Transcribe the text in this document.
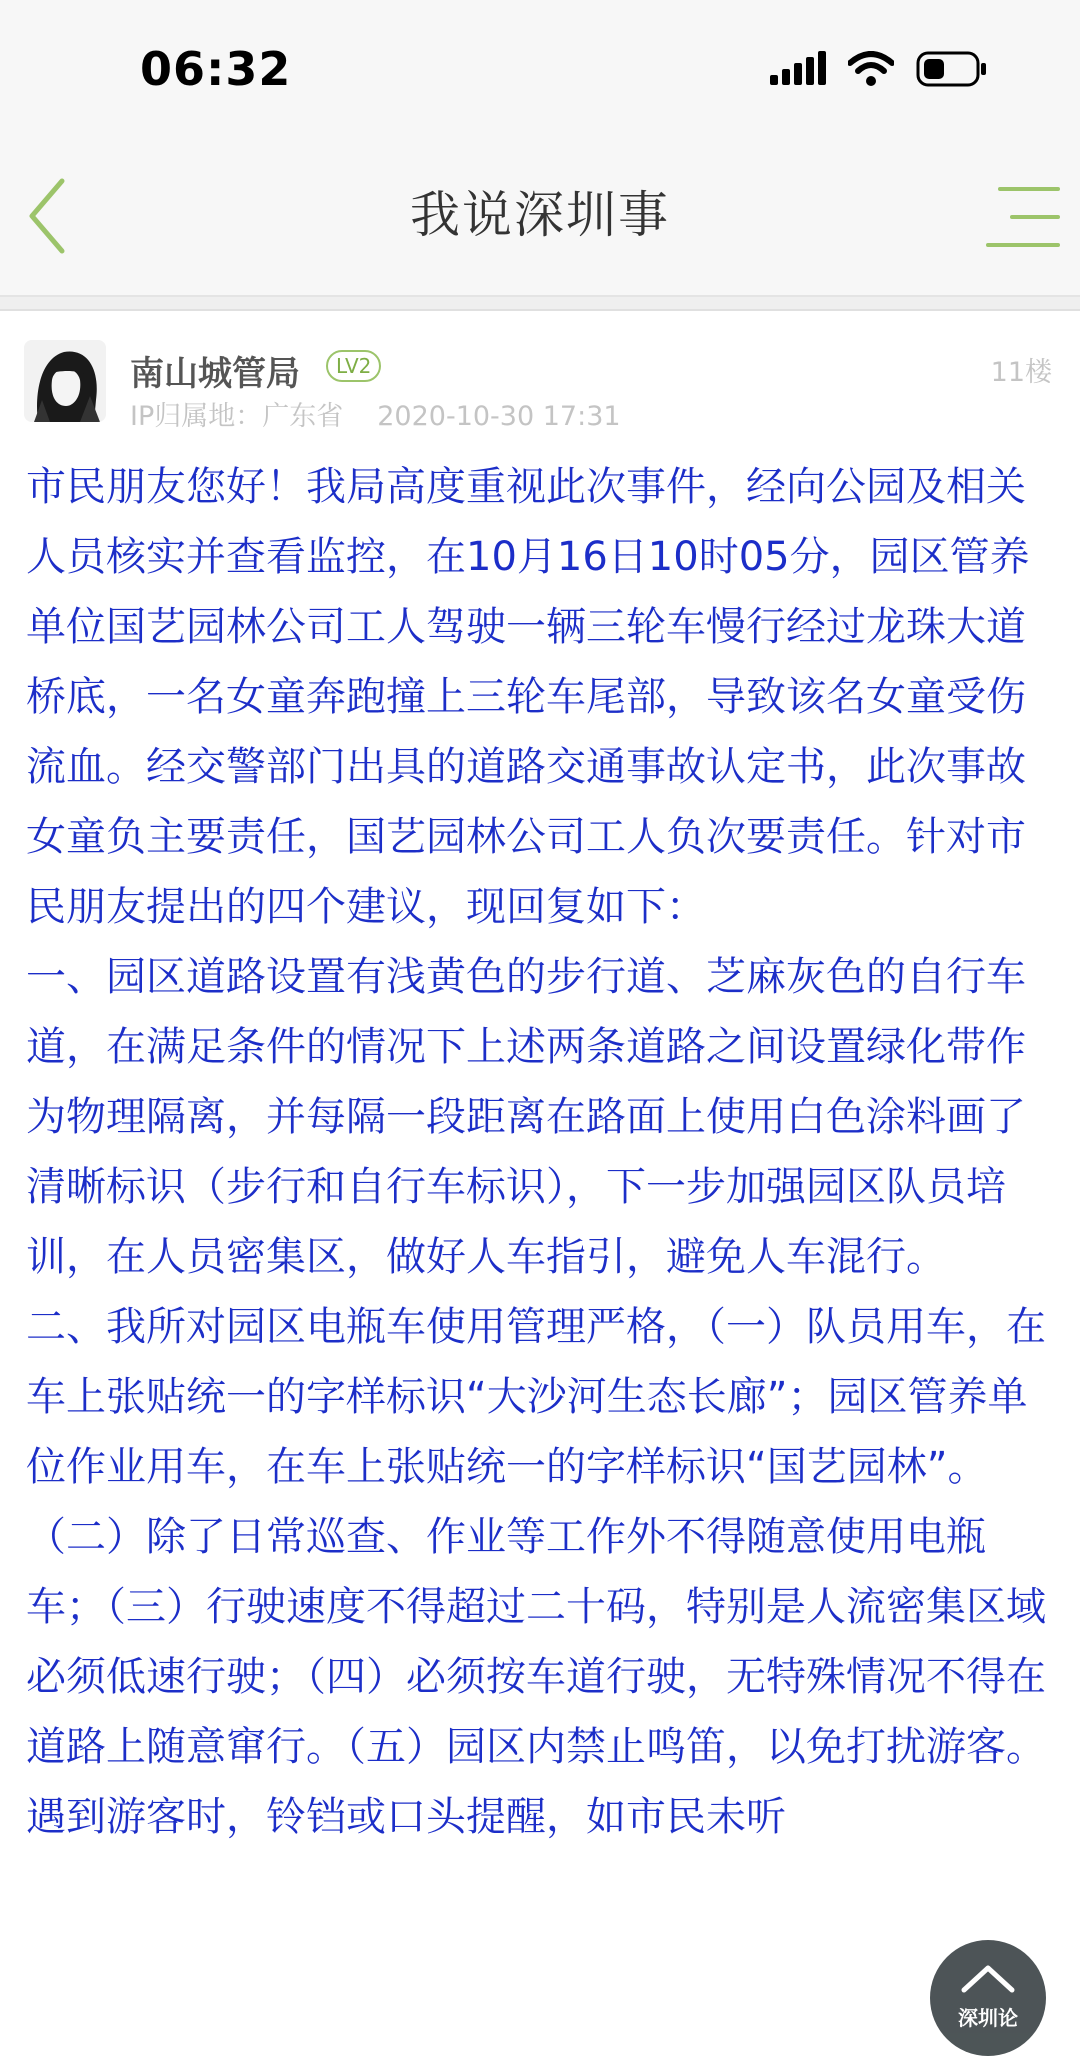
06:32
我说深圳事
南山城管局	LV2
IP归属地：广东省 2020-10-30 17:31
11楼

市民朋友您好！我局高度重视此次事件，经向公园及相关人员核实并查看监控，在10月16日10时05分，园区管养单位国艺园林公司工人驾驶一辆三轮车慢行经过龙珠大道桥底，一名女童奔跑撞上三轮车尾部，导致该名女童受伤流血。经交警部门出具的道路交通事故认定书，此次事故女童负主要责任，国艺园林公司工人负次要责任。针对市民朋友提出的四个建议，现回复如下：

一、园区道路设置有浅黄色的步行道、芝麻灰色的自行车道，在满足条件的情况下上述两条道路之间设置绿化带作为物理隔离，并每隔一段距离在路面上使用白色涂料画了清晰标识（步行和自行车标识），下一步加强园区队员培训，在人员密集区，做好人车指引，避免人车混行。

二、我所对园区电瓶车使用管理严格，（一）队员用车，在车上张贴统一的字样标识“大沙河生态长廊”；园区管养单位作业用车，在车上张贴统一的字样标识“国艺园林”。（二）除了日常巡查、作业等工作外不得随意使用电瓶车；（三）行驶速度不得超过二十码，特别是人流密集区域必须低速行驶；（四）必须按车道行驶，无特殊情况不得在道路上随意窜行。（五）园区内禁止鸣笛，以免打扰游客。遇到游客时，铃铛或口头提醒，如市民未听

深圳论
